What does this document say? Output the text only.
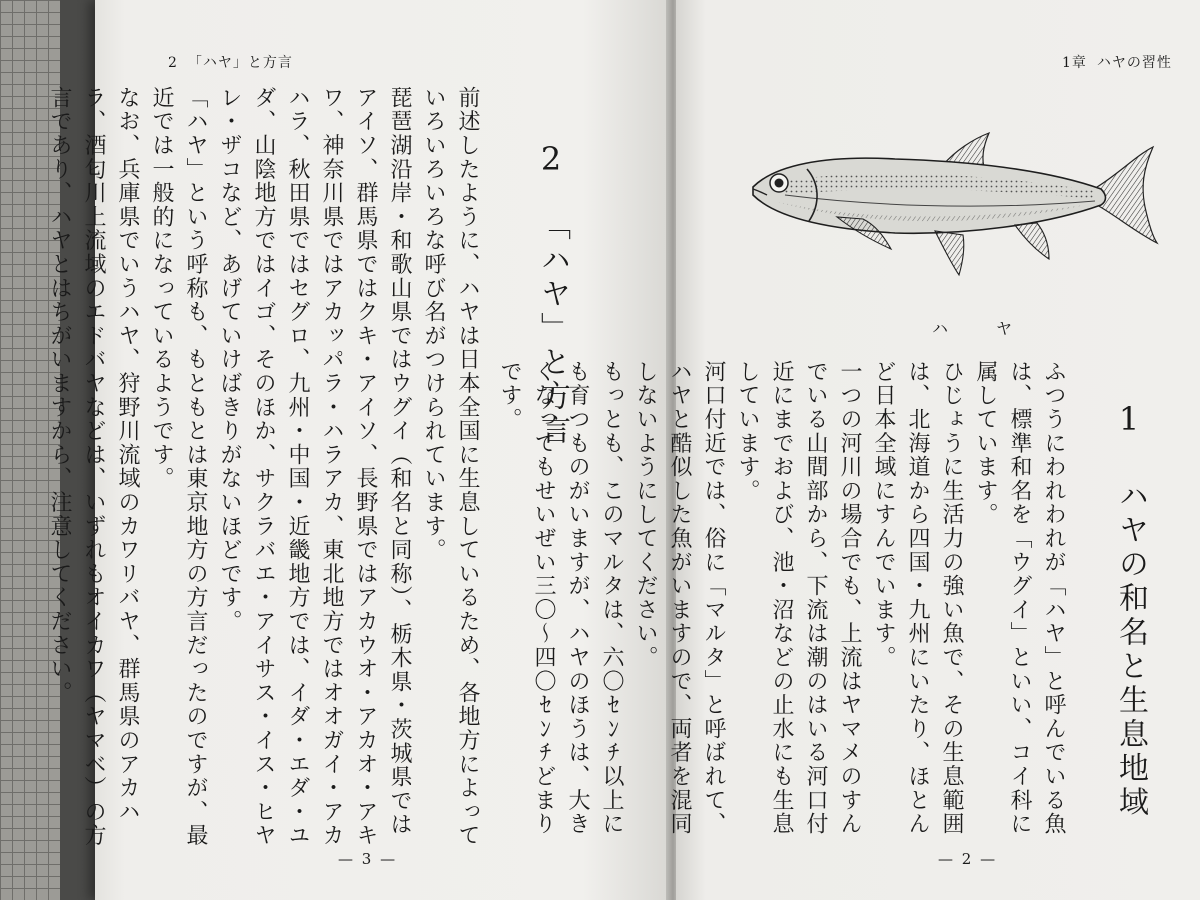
2 「ハヤ」と方言
2
「ハヤ」と方言

前述したように、ハヤは日本全国に生息しているため、各地方によっていろいろいろな呼び名がつけられています。

琵琶湖沿岸・和歌山県ではウグイ（和名と同称）、栃木県・茨城県ではアイソ、群馬県ではクキ・アイソ、長野県ではアカウオ・アカオ・アキワ、神奈川県ではアカッパラ・ハラアカ、東北地方ではオオガイ・アカハラ、秋田県ではセグロ、九州・中国・近畿地方では、イダ・エダ・ユダ、山陰地方ではイゴ、そのほか、サクラバエ・アイサス・イス・ヒヤレ・ザコなど、あげていけばきりがないほどです。

「ハヤ」という呼称も、もともとは東京地方の方言だったのですが、最近では一般的になっているようです。

なお、兵庫県でいうハヤ、狩野川流域のカワリバヤ、群馬県のアカハラ、酒匂川上流域のエドバヤなどは、いずれもオイカワ（ヤマベ）の方言であり、ハヤとはちがいますから、注意してください。

— 3 —
1章 ハヤの習性
ハヤ
1
ハヤの和名と生息地域

ふつうにわれわれが「ハヤ」と呼んでいる魚は、標準和名を「ウグイ」といい、コイ科に属しています。

ひじょうに生活力の強い魚で、その生息範囲は、北海道から四国・九州にいたり、ほとんど日本全域にすんでいます。

一つの河川の場合でも、上流はヤマメのすんでいる山間部から、下流は潮のはいる河口付近にまでおよび、池・沼などの止水にも生息しています。

河口付近では、俗に「マルタ」と呼ばれて、ハヤと酷似した魚がいますので、両者を混同しないようにしてください。

もっとも、このマルタは、六〇ｾﾝﾁ以上にも育つものがいますが、ハヤのほうは、大きくなってもせいぜい三〇～四〇ｾﾝﾁどまりです。

— 2 —
